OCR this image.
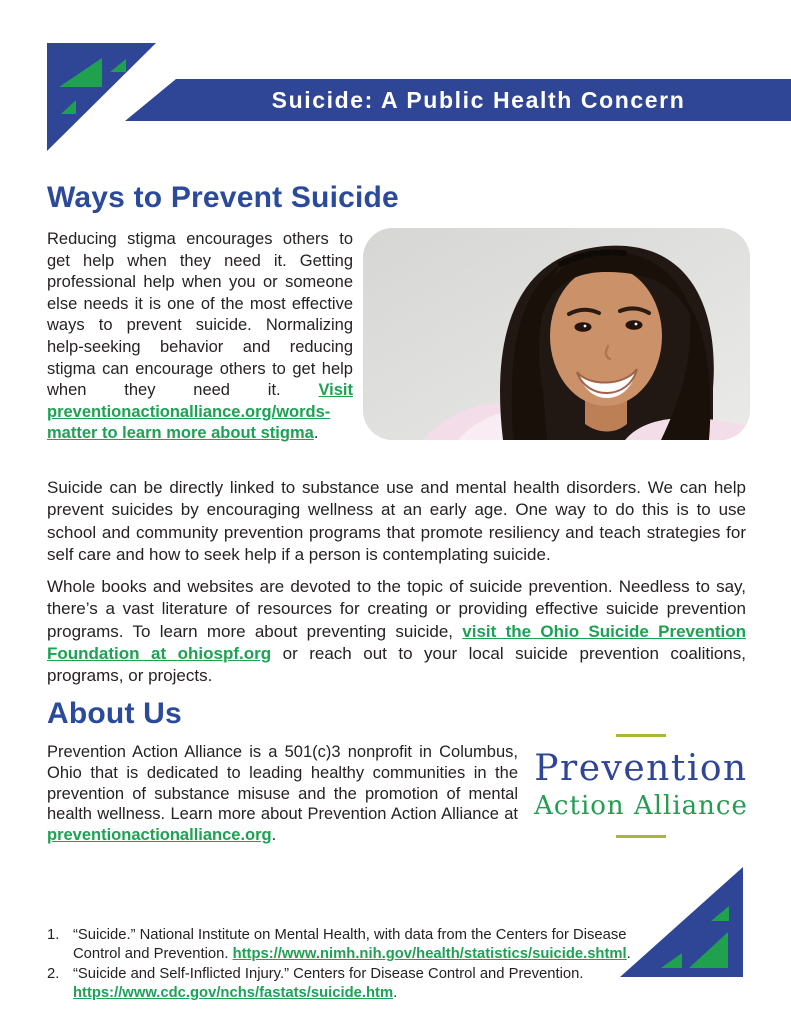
Suicide: A Public Health Concern
Ways to Prevent Suicide

Reducing stigma encourages others to get help when they need it. Getting professional help when you or someone else needs it is one of the most effective ways to prevent suicide. Normalizing help-seeking behavior and reducing stigma can encourage others to get help when they need it. Visit preventionactionalliance.org/words-matter to learn more about stigma.

Suicide can be directly linked to substance use and mental health disorders. We can help prevent suicides by encouraging wellness at an early age. One way to do this is to use school and community prevention programs that promote resiliency and teach strategies for self care and how to seek help if a person is contemplating suicide.

Whole books and websites are devoted to the topic of suicide prevention. Needless to say, there’s a vast literature of resources for creating or providing effective suicide prevention programs. To learn more about preventing suicide, visit the Ohio Suicide Prevention Foundation at ohiospf.org or reach out to your local suicide prevention coalitions, programs, or projects.

About Us

Prevention Action Alliance is a 501(c)3 nonprofit in Columbus, Ohio that is dedicated to leading healthy communities in the prevention of substance misuse and the promotion of mental health wellness. Learn more about Prevention Action Alliance at preventionactionalliance.org.

Prevention
Action Alliance

1. “Suicide.” National Institute on Mental Health, with data from the Centers for Disease Control and Prevention. https://www.nimh.nih.gov/health/statistics/suicide.shtml.

2. “Suicide and Self-Inflicted Injury.” Centers for Disease Control and Prevention. https://www.cdc.gov/nchs/fastats/suicide.htm.
